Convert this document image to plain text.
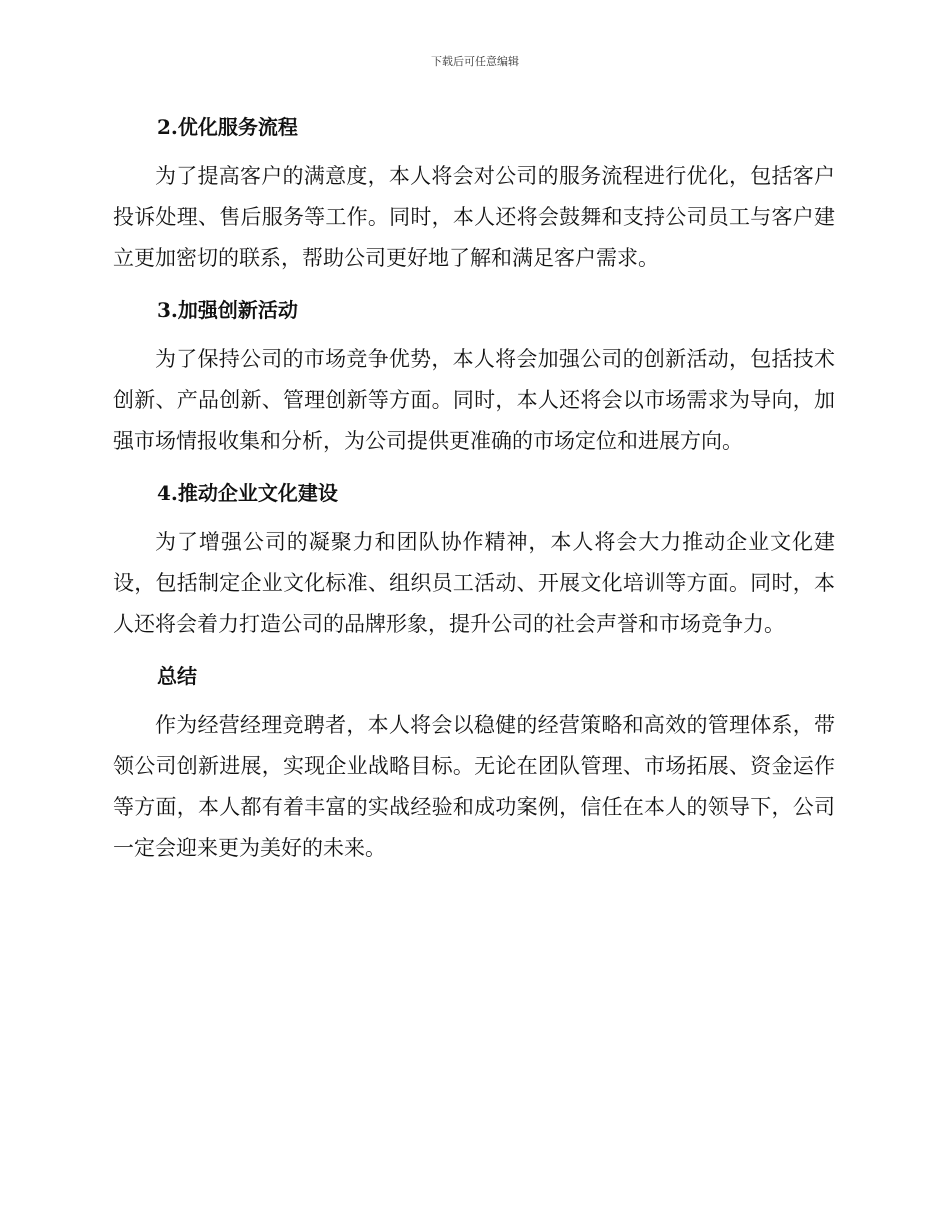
下载后可任意编辑
2.优化服务流程

为了提高客户的满意度，本人将会对公司的服务流程进行优化，包括客户投诉处理、售后服务等工作。同时，本人还将会鼓舞和支持公司员工与客户建立更加密切的联系，帮助公司更好地了解和满足客户需求。

3.加强创新活动

为了保持公司的市场竞争优势，本人将会加强公司的创新活动，包括技术创新、产品创新、管理创新等方面。同时，本人还将会以市场需求为导向，加强市场情报收集和分析，为公司提供更准确的市场定位和进展方向。

4.推动企业文化建设

为了增强公司的凝聚力和团队协作精神，本人将会大力推动企业文化建设，包括制定企业文化标准、组织员工活动、开展文化培训等方面。同时，本人还将会着力打造公司的品牌形象，提升公司的社会声誉和市场竞争力。

总结

作为经营经理竞聘者，本人将会以稳健的经营策略和高效的管理体系，带领公司创新进展，实现企业战略目标。无论在团队管理、市场拓展、资金运作等方面，本人都有着丰富的实战经验和成功案例，信任在本人的领导下，公司一定会迎来更为美好的未来。
